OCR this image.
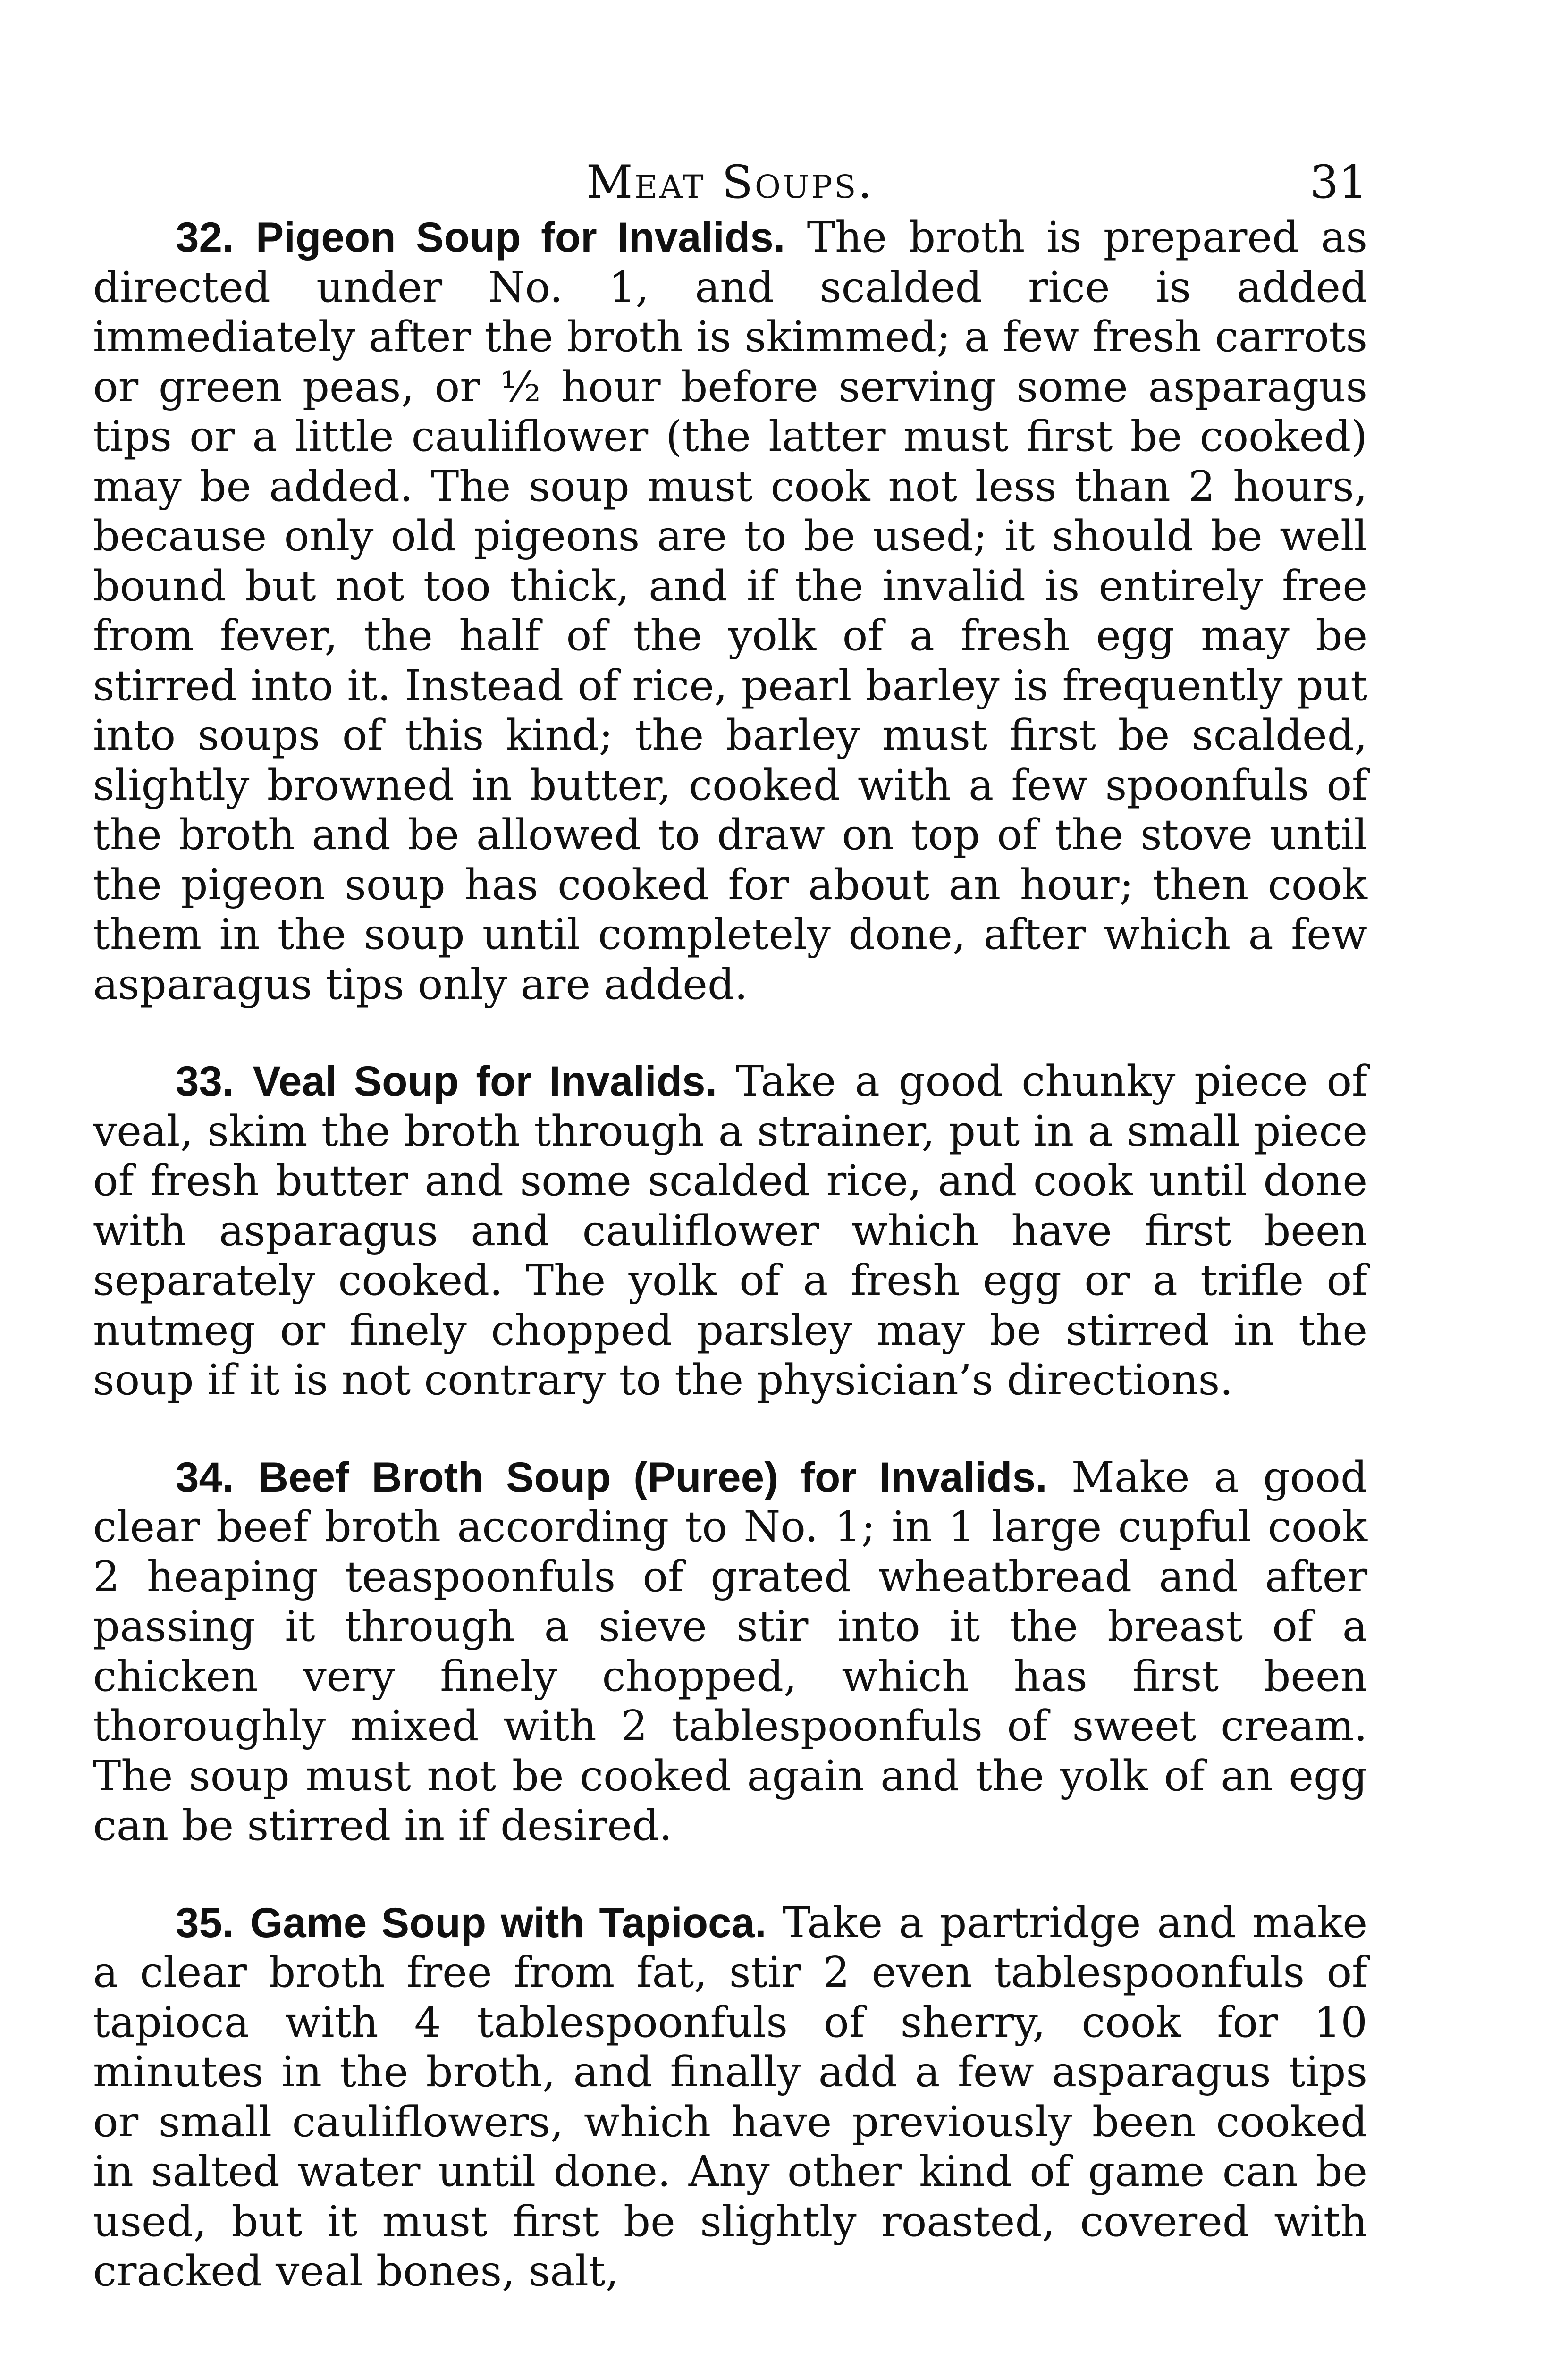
Meat Soups.	31

32. Pigeon Soup for Invalids. The broth is prepared as directed under No. 1, and scalded rice is added immediately after the broth is skimmed; a few fresh carrots or green peas, or ½ hour before serving some asparagus tips or a little cauliflower (the latter must first be cooked) may be added. The soup must cook not less than 2 hours, because only old pigeons are to be used; it should be well bound but not too thick, and if the invalid is entirely free from fever, the half of the yolk of a fresh egg may be stirred into it. Instead of rice, pearl barley is frequently put into soups of this kind; the barley must first be scalded, slightly browned in butter, cooked with a few spoonfuls of the broth and be allowed to draw on top of the stove until the pigeon soup has cooked for about an hour; then cook them in the soup until completely done, after which a few asparagus tips only are added.

33. Veal Soup for Invalids. Take a good chunky piece of veal, skim the broth through a strainer, put in a small piece of fresh butter and some scalded rice, and cook until done with asparagus and cauliflower which have first been separately cooked. The yolk of a fresh egg or a trifle of nutmeg or finely chopped parsley may be stirred in the soup if it is not contrary to the physician’s directions.

34. Beef Broth Soup (Puree) for Invalids. Make a good clear beef broth according to No. 1; in 1 large cupful cook 2 heaping teaspoonfuls of grated wheatbread and after passing it through a sieve stir into it the breast of a chicken very finely chopped, which has first been thoroughly mixed with 2 tablespoonfuls of sweet cream. The soup must not be cooked again and the yolk of an egg can be stirred in if desired.

35. Game Soup with Tapioca. Take a partridge and make a clear broth free from fat, stir 2 even tablespoonfuls of tapioca with 4 tablespoonfuls of sherry, cook for 10 minutes in the broth, and finally add a few asparagus tips or small cauliflowers, which have previously been cooked in salted water until done. Any other kind of game can be used, but it must first be slightly roasted, covered with cracked veal bones, salt,
